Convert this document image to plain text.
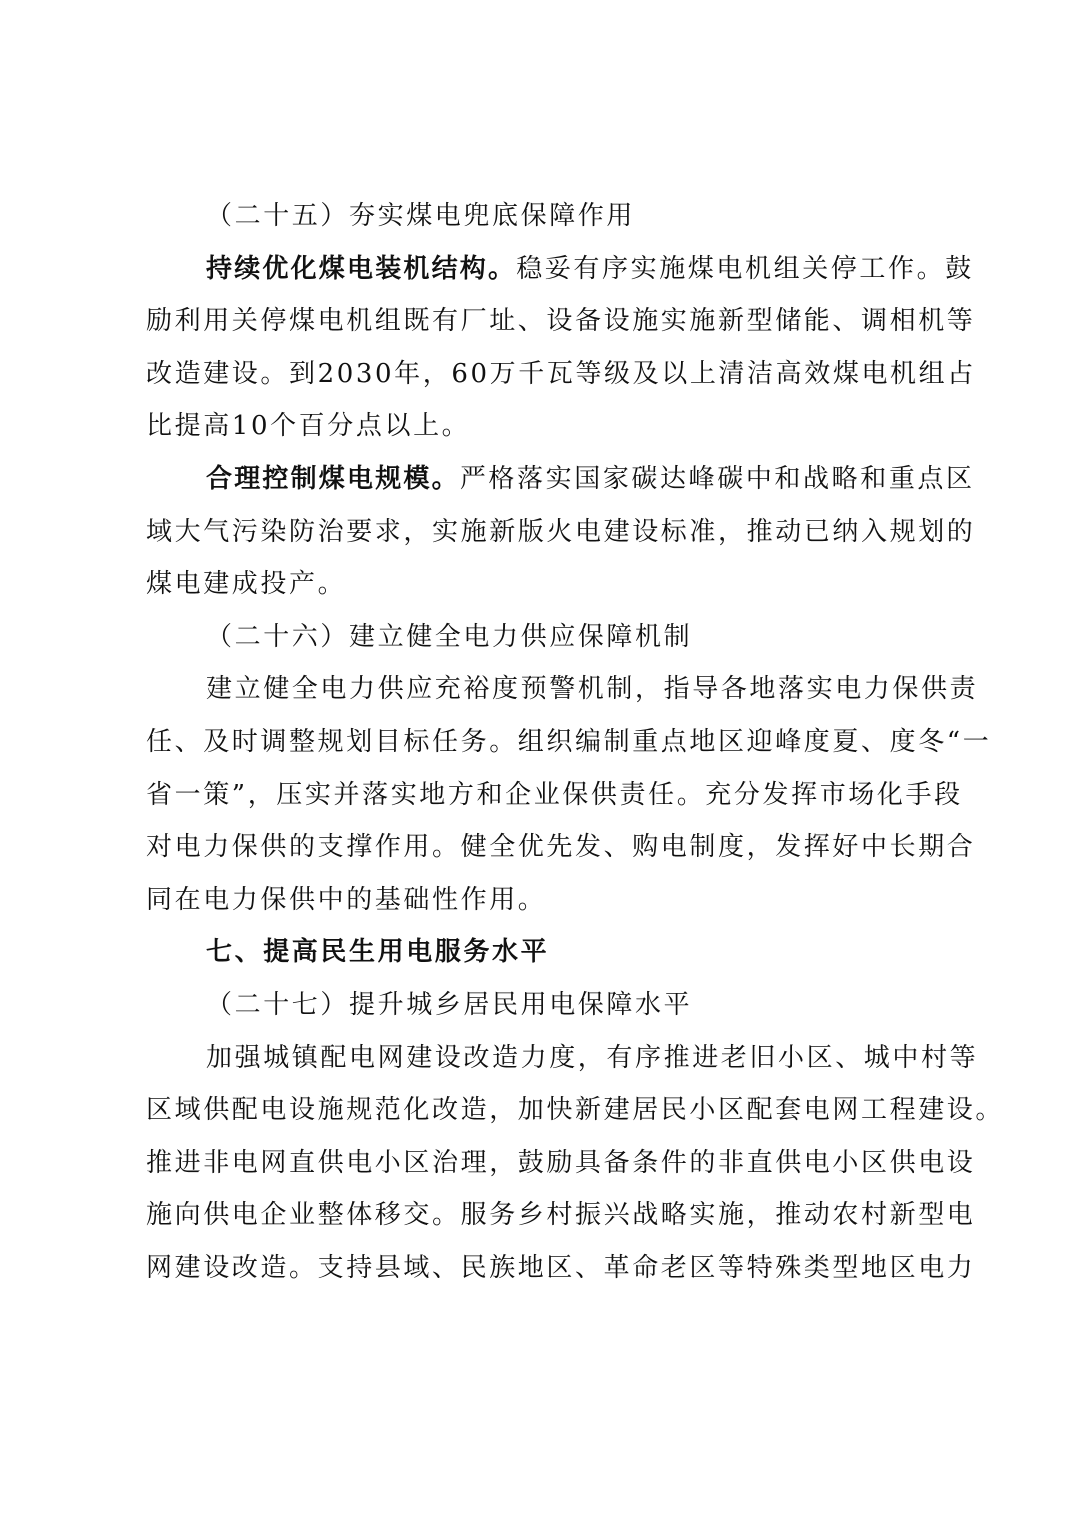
（二十五）夯实煤电兜底保障作用
持续优化煤电装机结构。稳妥有序实施煤电机组关停工作。鼓
励利用关停煤电机组既有厂址、设备设施实施新型储能、调相机等
改造建设。到2030年，60万千瓦等级及以上清洁高效煤电机组占
比提高10个百分点以上。
合理控制煤电规模。严格落实国家碳达峰碳中和战略和重点区
域大气污染防治要求，实施新版火电建设标准，推动已纳入规划的
煤电建成投产。
（二十六）建立健全电力供应保障机制
建立健全电力供应充裕度预警机制，指导各地落实电力保供责
任、及时调整规划目标任务。组织编制重点地区迎峰度夏、度冬“一
省一策”，压实并落实地方和企业保供责任。充分发挥市场化手段
对电力保供的支撑作用。健全优先发、购电制度，发挥好中长期合
同在电力保供中的基础性作用。
七、提高民生用电服务水平
（二十七）提升城乡居民用电保障水平
加强城镇配电网建设改造力度，有序推进老旧小区、城中村等
区域供配电设施规范化改造，加快新建居民小区配套电网工程建设。
推进非电网直供电小区治理，鼓励具备条件的非直供电小区供电设
施向供电企业整体移交。服务乡村振兴战略实施，推动农村新型电
网建设改造。支持县域、民族地区、革命老区等特殊类型地区电力
